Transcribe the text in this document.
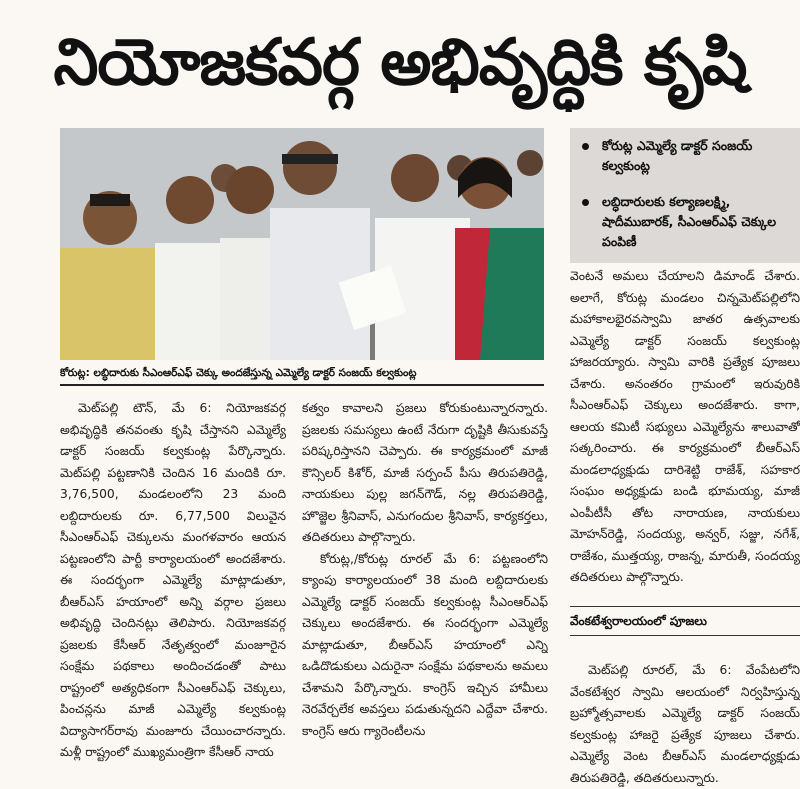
నియోజకవర్గ అభివృద్ధికి కృషి
కోరుట్ల: లబ్ధిదారుకు సీఎంఆర్‌ఎఫ్ చెక్కు అందజేస్తున్న ఎమ్మెల్యే డాక్టర్ సంజయ్ కల్వకుంట్ల
కోరుట్ల ఎమ్మెల్యే డాక్టర్ సంజయ్ కల్వకుంట్ల
లబ్ధిదారులకు కల్యాణలక్ష్మి, షాదీముబారక్, సీఎంఆర్‌ఎఫ్ చెక్కుల పంపిణీ

మెట్‌పల్లి టౌన్, మే 6: నియోజకవర్గ అభివృద్ధికి తనవంతు కృషి చేస్తానని ఎమ్మెల్యే డాక్టర్ సంజయ్ కల్వకుంట్ల పేర్కొన్నారు. మెట్‌పల్లి పట్టణానికి చెందిన 16 మందికి రూ. 3,76,500, మండలంలోని 23 మంది లబ్దిదారులకు రూ. 6,77,500 విలువైన సీఎంఆర్‌ఎఫ్ చెక్కులను మంగళవారం ఆయన పట్టణంలోని పార్టీ కార్యాలయంలో అందజేశారు. ఈ సందర్భంగా ఎమ్మెల్యే మాట్లాడుతూ, బీఆర్‌ఎస్ హయాంలో అన్ని వర్గాల ప్రజలు అభివృద్ధి చెందినట్లు తెలిపారు. నియోజకవర్గ ప్రజలకు కేసీఆర్ నేతృత్వంలో మంజూరైన సంక్షేమ పథకాలు అందించడంతో పాటు రాష్ట్రంలో అత్యధికంగా సీఎంఆర్‌ఎఫ్ చెక్కులు, పించన్లను మాజీ ఎమ్మెల్యే కల్వకుంట్ల విద్యాసాగర్‌రావు మంజూరు చేయించారన్నారు. మళ్లీ రాష్ట్రంలో ముఖ్యమంత్రిగా కేసీఆర్ నాయ

కత్వం కావాలని ప్రజలు కోరుకుంటున్నారన్నారు. ప్రజలకు సమస్యలు ఉంటే నేరుగా దృష్టికి తీసుకువస్తే పరిష్కరిస్తానని చెప్పారు. ఈ కార్యక్రమంలో మాజీ కౌన్సిలర్ కిశోర్, మాజీ సర్పంచ్ పీసు తిరుపతిరెడ్డి, నాయకులు పుల్ల జగన్‌గౌడ్, నల్ల తిరుపతిరెడ్డి, హొజ్జెల శ్రీనివాస్, ఎనుగందుల శ్రీనివాస్, కార్యకర్తలు, తదితరులు పాల్గొన్నారు.

కోరుట్ల,/కోరుట్ల రూరల్ మే 6: పట్టణంలోని క్యాంపు కార్యాలయంలో 38 మంది లబ్దిదారులకు ఎమ్మెల్యే డాక్టర్ సంజయ్ కల్వకుంట్ల సీఎంఆర్‌ఎఫ్ చెక్కులు అందజేశారు. ఈ సందర్భంగా ఎమ్మెల్యే మాట్లాడుతూ, బీఆర్‌ఎస్ హయాంలో ఎన్ని ఒడిదొడుకులు ఎదురైనా సంక్షేమ పథకాలను అమలు చేశామని పేర్కొన్నారు. కాంగ్రెస్ ఇచ్చిన హామీలు నెరవేర్చలేక అవస్తలు పడుతున్నదని ఎద్దేవా చేశారు. కాంగ్రెస్ ఆరు గ్యారెంటీలను

వెంటనే అమలు చేయాలని డిమాండ్ చేశారు. అలాగే, కోరుట్ల మండలం చిన్నమెట్‌పల్లిలోని మహాకాలభైరవస్వామి జాతర ఉత్సవాలకు ఎమ్మెల్యే డాక్టర్ సంజయ్ కల్వకుంట్ల హాజరయ్యారు. స్వామి వారికి ప్రత్యేక పూజలు చేశారు. అనంతరం గ్రామంలో ఇరువురికి సీఎంఆర్‌ఎఫ్ చెక్కులు అందజేశారు. కాగా, ఆలయ కమిటీ సభ్యులు ఎమ్మెల్యేను శాలువాతో సత్కరించారు. ఈ కార్యక్రమంలో బీఆర్‌ఎస్ మండలాధ్యక్షుడు దారిశెట్టి రాజేశ్, సహకార సంఘం అధ్యక్షుడు బండి భూమయ్య, మాజీ ఎంపీటీసీ తోట నారాయణ, నాయకులు మోహన్‌రెడ్డి, సందయ్య, అన్వర్, సజ్జు, నగేశ్, రాజేశం, ముత్తయ్య, రాజన్న, మారుతీ, సందయ్య తదితరులు పాల్గొన్నారు.

వేంకటేశ్వరాలయంలో పూజలు

మెట్‌పల్లి రూరల్, మే 6: వేంపేటలోని వేంకటేశ్వర స్వామి ఆలయంలో నిర్వహిస్తున్న బ్రహ్మోత్సవాలకు ఎమ్మెల్యే డాక్టర్ సంజయ్ కల్వకుంట్ల హాజరై ప్రత్యేక పూజలు చేశారు. ఎమ్మెల్యే వెంట బీఆర్‌ఎస్ మండలాధ్యక్షుడు తిరుపతిరెడ్డి, తదితరులున్నారు.
